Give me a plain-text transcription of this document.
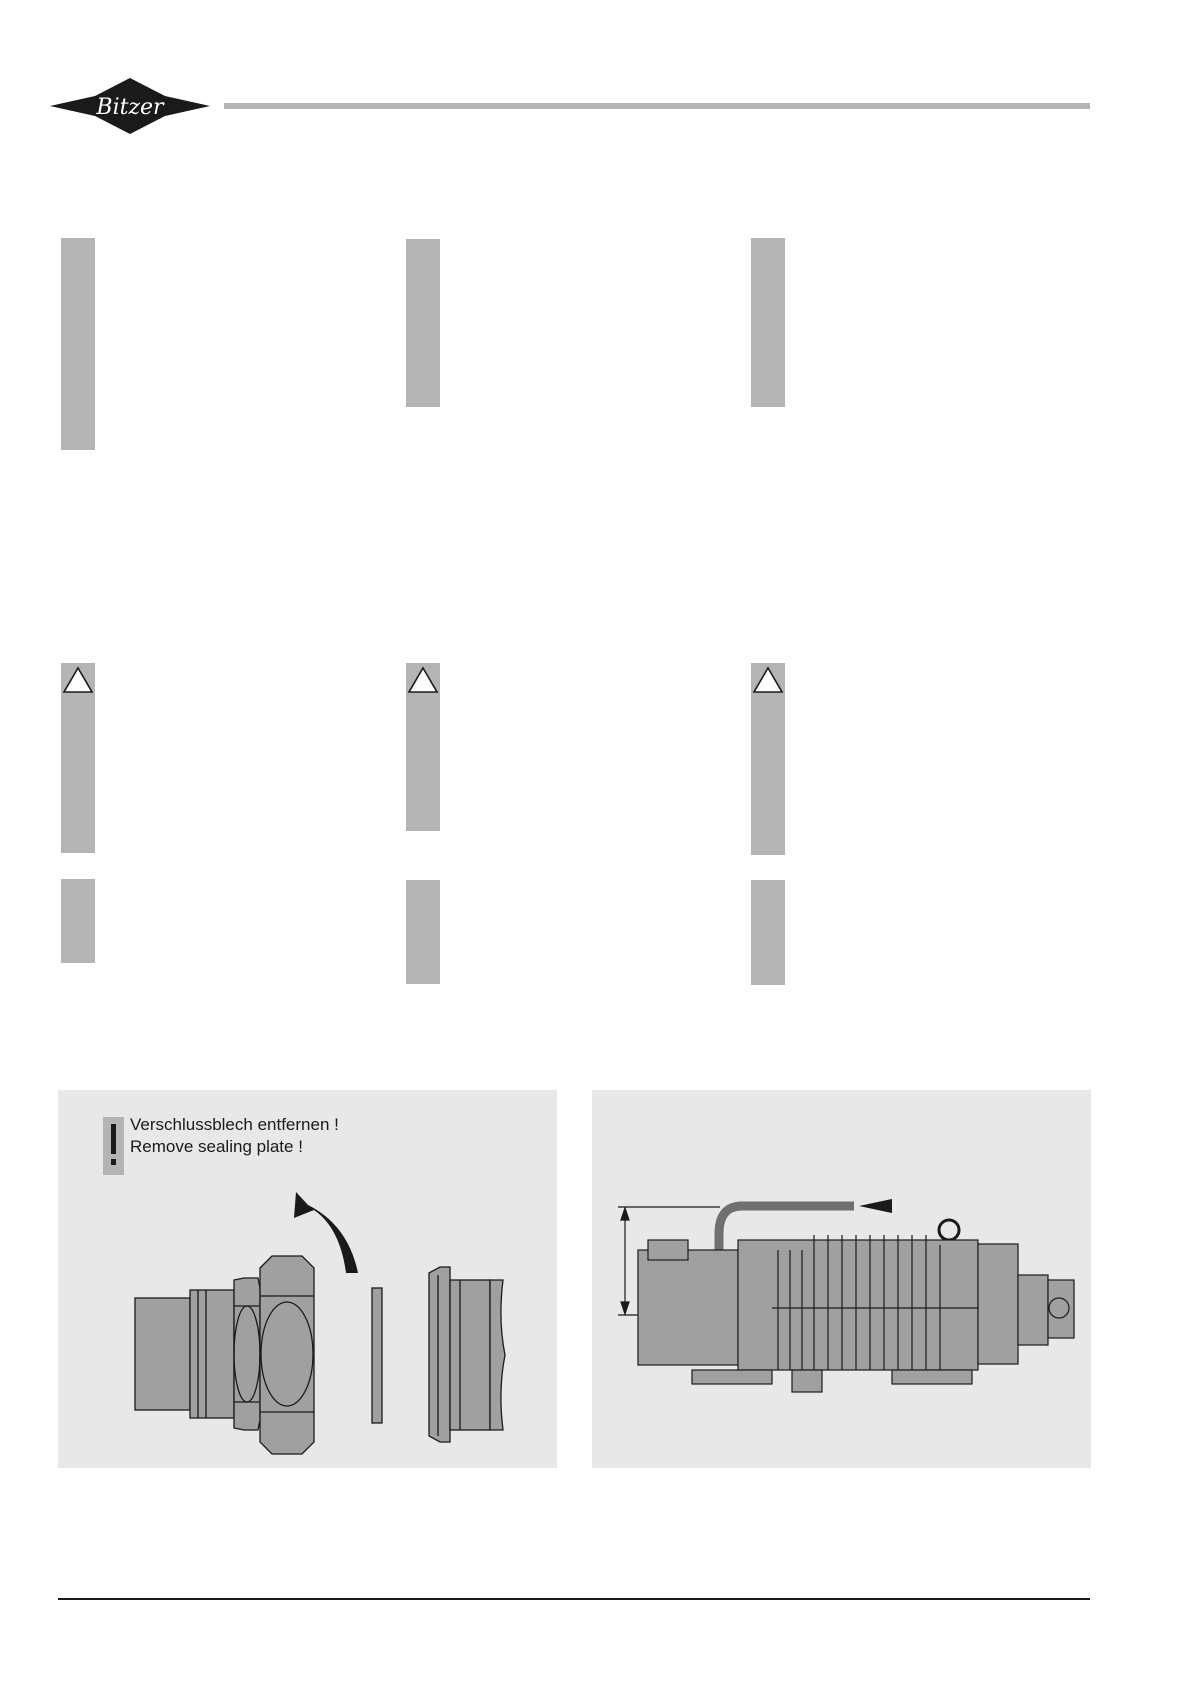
Bitzer
Verschlussblech entfernen !
Remove sealing plate !
